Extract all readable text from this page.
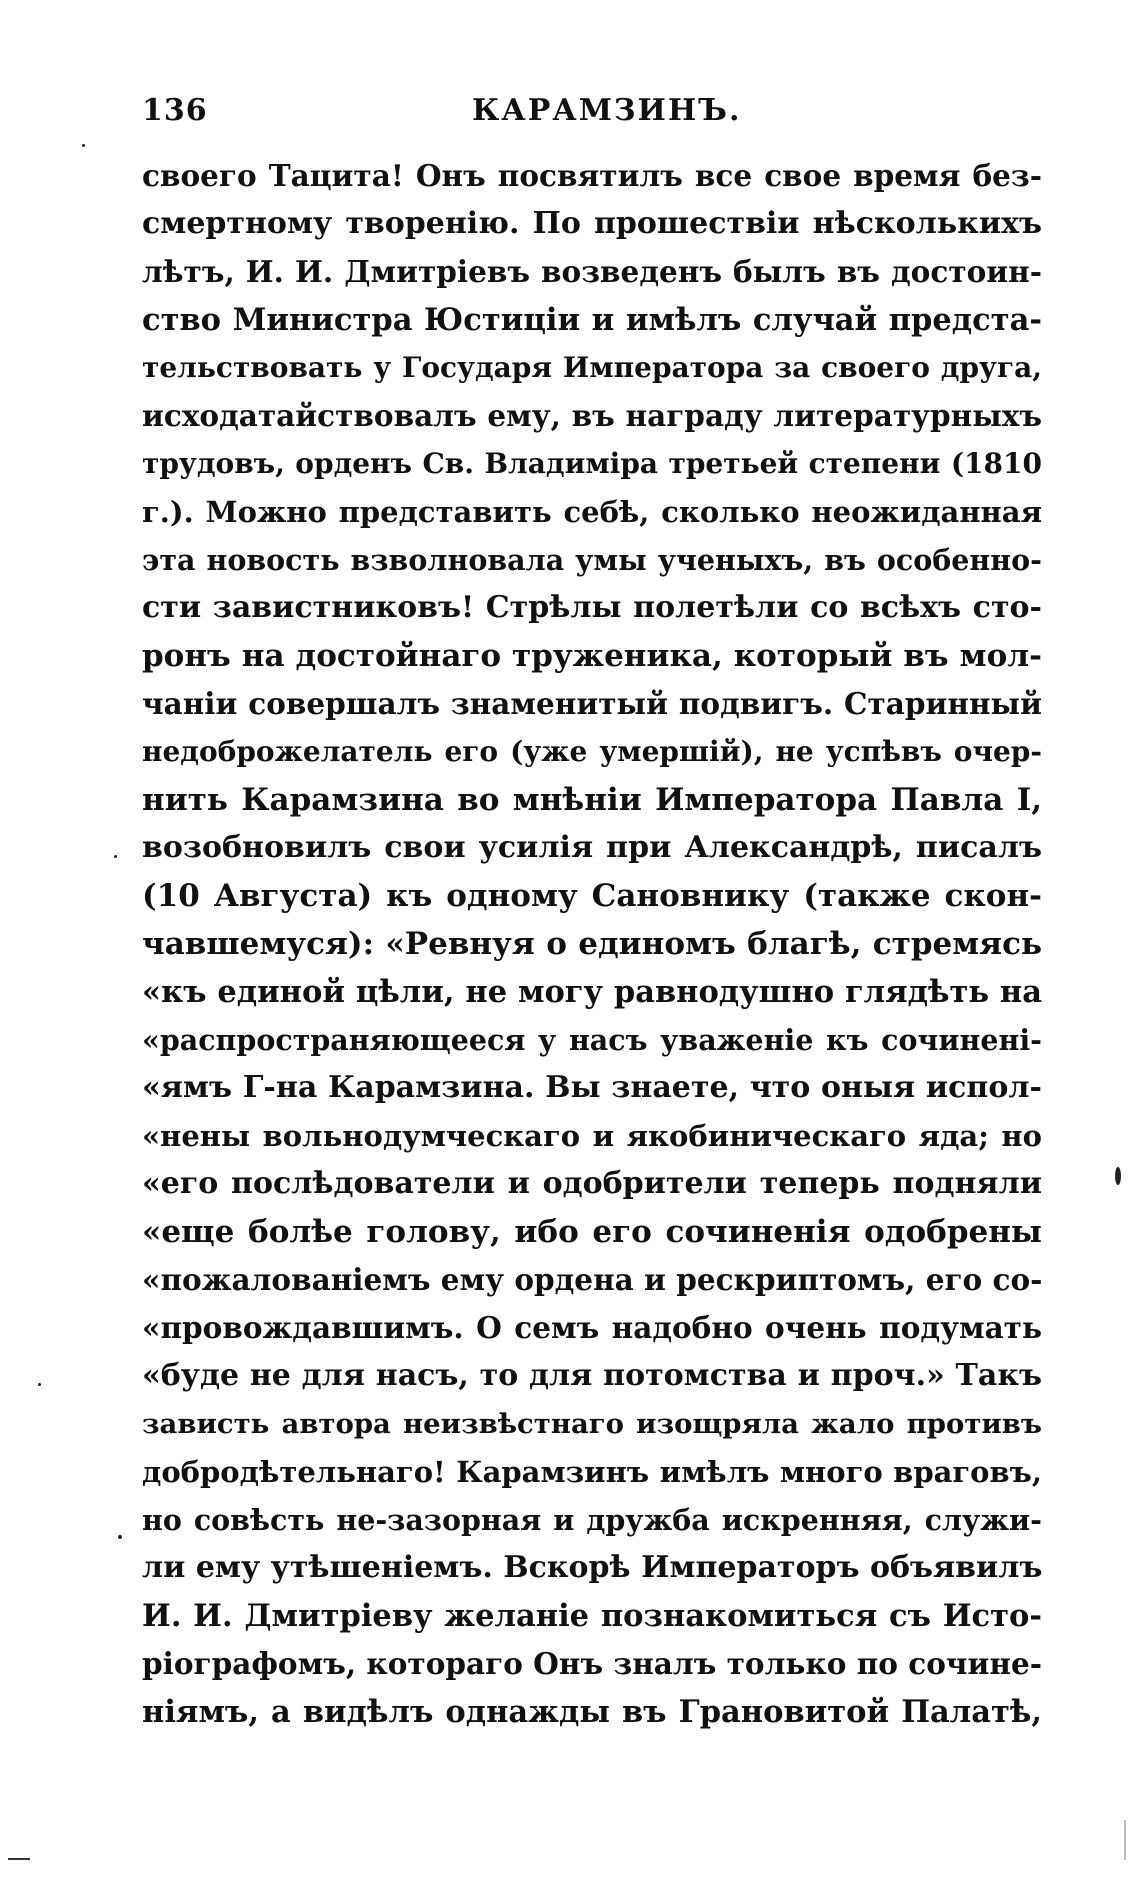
136	КАРАМЗИНЪ.
своего Тацита! Онъ посвятилъ все свое время без-
смертному творенію. По прошествіи нѣсколькихъ
лѣтъ, И. И. Дмитріевъ возведенъ былъ въ достоин-
ство Министра Юстиціи и имѣлъ случай предста-
тельствовать у Государя Императора за своего друга,
исходатайствовалъ ему, въ награду литературныхъ
трудовъ, орденъ Св. Владиміра третьей степени (1810
г.). Можно представить себѣ, сколько неожиданная
эта новость взволновала умы ученыхъ, въ особенно-
сти завистниковъ! Стрѣлы полетѣли со всѣхъ сто-
ронъ на достойнаго труженика, который въ мол-
чаніи совершалъ знаменитый подвигъ. Старинный
недоброжелатель его (уже умершій), не успѣвъ очер-
нить Карамзина во мнѣніи Императора Павла I,
возобновилъ свои усилія при Александрѣ, писалъ
(10 Августа) къ одному Сановнику (также скон-
чавшемуся): «Ревнуя о единомъ благѣ, стремясь
«къ единой цѣли, не могу равнодушно глядѣть на
«распространяющееся у насъ уваженіе къ сочинені-
«ямъ Г-на Карамзина. Вы знаете, что оныя испол-
«нены вольнодумческаго и якобиническаго яда; но
«его послѣдователи и одобрители теперь подняли
«еще болѣе голову, ибо его сочиненія одобрены
«пожалованіемъ ему ордена и рескриптомъ, его со-
«провождавшимъ. О семъ надобно очень подумать
«буде не для насъ, то для потомства и проч.» Такъ
зависть автора неизвѣстнаго изощряла жало противъ
добродѣтельнаго! Карамзинъ имѣлъ много враговъ,
но совѣсть не-зазорная и дружба искренняя, служи-
ли ему утѣшеніемъ. Вскорѣ Императоръ объявилъ
И. И. Дмитріеву желаніе познакомиться съ Исто-
ріографомъ, котораго Онъ зналъ только по сочине-
ніямъ, а видѣлъ однажды въ Грановитой Палатѣ,
